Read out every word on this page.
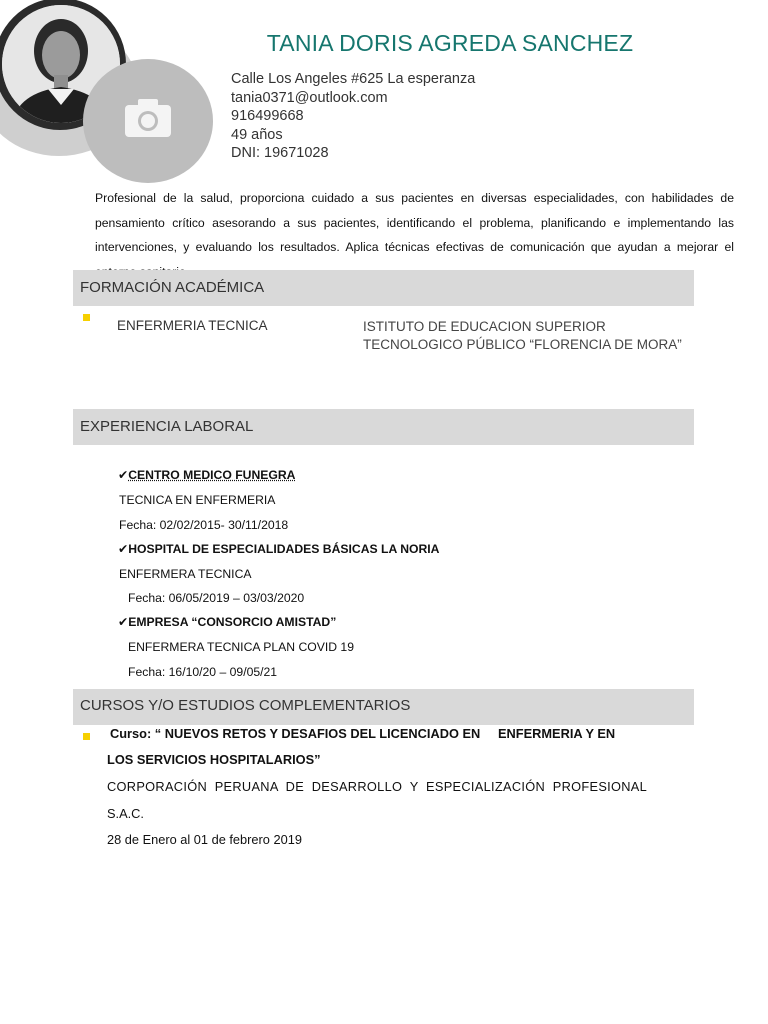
TANIA DORIS AGREDA SANCHEZ
Calle Los Angeles #625 La esperanza
tania0371@outlook.com
916499668
49 años
DNI: 19671028
Profesional de la salud, proporciona cuidado a sus pacientes en diversas especialidades, con habilidades de pensamiento crítico asesorando a sus pacientes, identificando el problema, planificando e implementando las intervenciones, y evaluando los resultados. Aplica técnicas efectivas de comunicación que ayudan a mejorar el
FORMACIÓN ACADÉMICA
ENFERMERIA TECNICA	ISTITUTO DE EDUCACION SUPERIOR
TECNOLOGICO PÚBLICO “FLORENCIA DE MORA”
EXPERIENCIA LABORAL
✔CENTRO MEDICO FUNEGRA
TECNICA EN ENFERMERIA
Fecha: 02/02/2015- 30/11/2018
✔HOSPITAL DE ESPECIALIDADES BÁSICAS LA NORIA
ENFERMERA TECNICA
Fecha: 06/05/2019 – 03/03/2020
✔EMPRESA “CONSORCIO AMISTAD”
ENFERMERA TECNICA PLAN COVID 19
Fecha: 16/10/20 – 09/05/21
CURSOS Y/O ESTUDIOS COMPLEMENTARIOS
Curso: “ NUEVOS RETOS Y DESAFIOS DEL LICENCIADO EN     ENFERMERIA Y EN
LOS SERVICIOS HOSPITALARIOS”
CORPORACIÓN  PERUANA  DE  DESARROLLO  Y  ESPECIALIZACIÓN  PROFESIONAL
S.A.C.
28 de Enero al 01 de febrero 2019
